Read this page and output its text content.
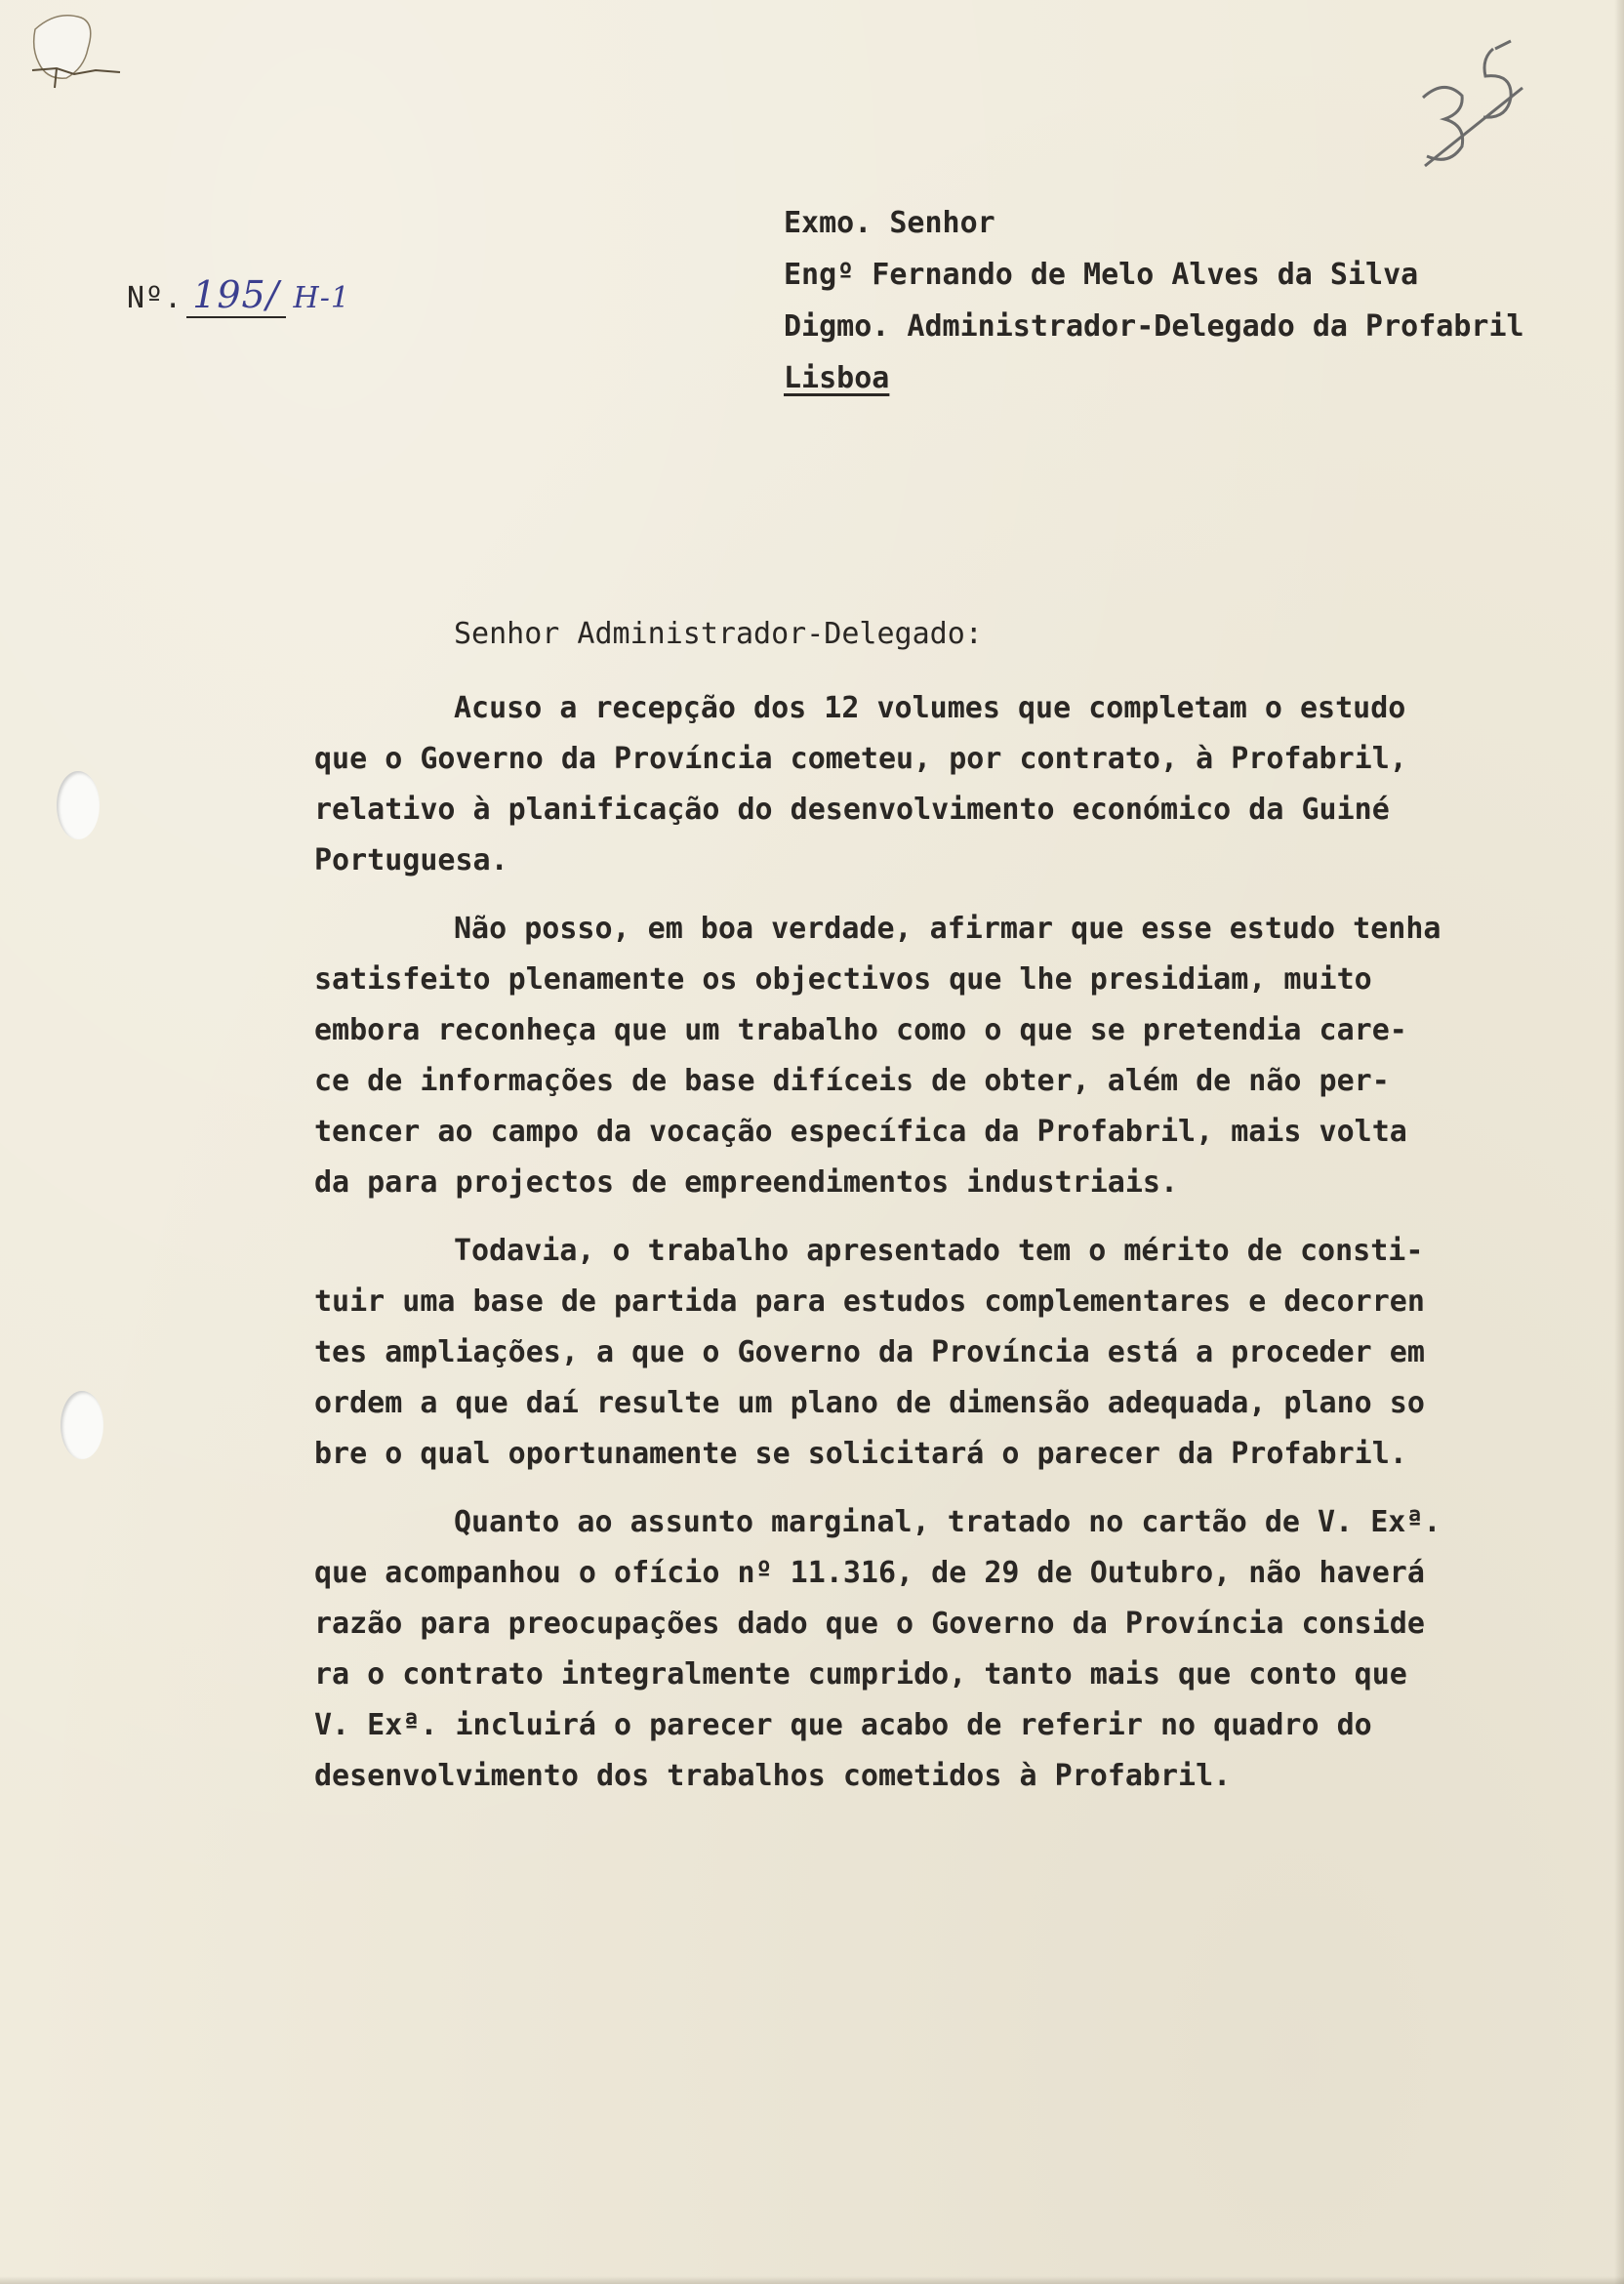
Nº. 195/ H-1
Exmo. Senhor
Engº Fernando de Melo Alves da Silva
Digmo. Administrador-Delegado da Profabril
Lisboa
Senhor Administrador-Delegado:
Acuso a recepção dos 12 volumes que completam o estudo
que o Governo da Província cometeu, por contrato, à Profabril,
relativo à planificação do desenvolvimento económico da Guiné
Portuguesa.
Não posso, em boa verdade, afirmar que esse estudo tenha
satisfeito plenamente os objectivos que lhe presidiam, muito
embora reconheça que um trabalho como o que se pretendia care-
ce de informações de base difíceis de obter, além de não per-
tencer ao campo da vocação específica da Profabril, mais volta
da para projectos de empreendimentos industriais.
Todavia, o trabalho apresentado tem o mérito de consti-
tuir uma base de partida para estudos complementares e decorren
tes ampliações, a que o Governo da Província está a proceder em
ordem a que daí resulte um plano de dimensão adequada, plano so
bre o qual oportunamente se solicitará o parecer da Profabril.
Quanto ao assunto marginal, tratado no cartão de V. Exª.
que acompanhou o ofício nº 11.316, de 29 de Outubro, não haverá
razão para preocupações dado que o Governo da Província conside
ra o contrato integralmente cumprido, tanto mais que conto que
V. Exª. incluirá o parecer que acabo de referir no quadro do
desenvolvimento dos trabalhos cometidos à Profabril.
